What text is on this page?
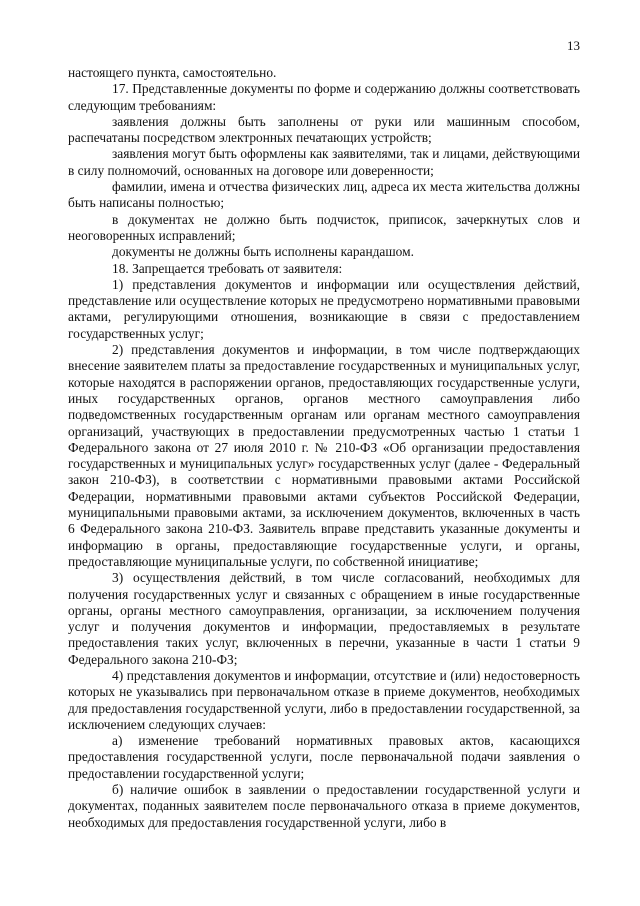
13

настоящего пункта, самостоятельно.

17. Представленные документы по форме и содержанию должны соответствовать следующим требованиям:

заявления должны быть заполнены от руки или машинным способом, распечатаны посредством электронных печатающих устройств;

заявления могут быть оформлены как заявителями, так и лицами, действующими в силу полномочий, основанных на договоре или доверенности;

фамилии, имена и отчества физических лиц, адреса их места жительства должны быть написаны полностью;

в документах не должно быть подчисток, приписок, зачеркнутых слов и неоговоренных исправлений;

документы не должны быть исполнены карандашом.

18. Запрещается требовать от заявителя:

1) представления документов и информации или осуществления действий, представление или осуществление которых не предусмотрено нормативными правовыми актами, регулирующими отношения, возникающие в связи с предоставлением государственных услуг;

2) представления документов и информации, в том числе подтверждающих внесение заявителем платы за предоставление государственных и муниципальных услуг, которые находятся в распоряжении органов, предоставляющих государственные услуги, иных государственных органов, органов местного самоуправления либо подведомственных государственным органам или органам местного самоуправления организаций, участвующих в предоставлении предусмотренных частью 1 статьи 1 Федерального закона от 27 июля 2010 г. № 210-ФЗ «Об организации предоставления государственных и муниципальных услуг» государственных услуг (далее - Федеральный закон 210-ФЗ), в соответствии с нормативными правовыми актами Российской Федерации, нормативными правовыми актами субъектов Российской Федерации, муниципальными правовыми актами, за исключением документов, включенных в часть 6 Федерального закона 210-ФЗ. Заявитель вправе представить указанные документы и информацию в органы, предоставляющие государственные услуги, и органы, предоставляющие муниципальные услуги, по собственной инициативе;

3) осуществления действий, в том числе согласований, необходимых для получения государственных услуг и связанных с обращением в иные государственные органы, органы местного самоуправления, организации, за исключением получения услуг и получения документов и информации, предоставляемых в результате предоставления таких услуг, включенных в перечни, указанные в части 1 статьи 9 Федерального закона 210-ФЗ;

4) представления документов и информации, отсутствие и (или) недостоверность которых не указывались при первоначальном отказе в приеме документов, необходимых для предоставления государственной услуги, либо в предоставлении государственной, за исключением следующих случаев:

а) изменение требований нормативных правовых актов, касающихся предоставления государственной услуги, после первоначальной подачи заявления о предоставлении государственной услуги;

б) наличие ошибок в заявлении о предоставлении государственной услуги и документах, поданных заявителем после первоначального отказа в приеме документов, необходимых для предоставления государственной услуги, либо в
